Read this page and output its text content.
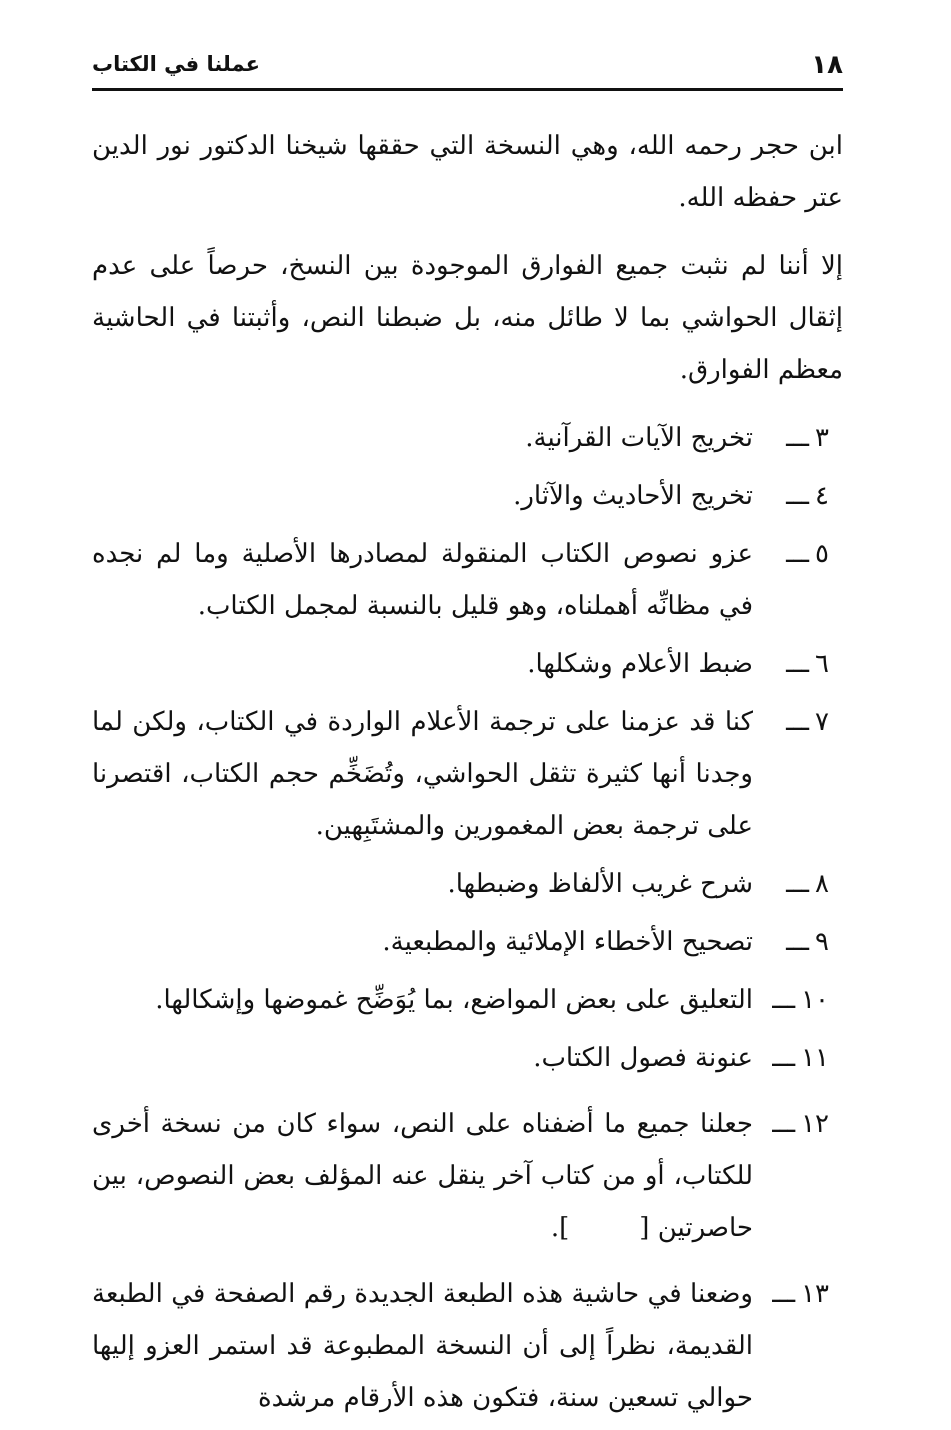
١٨
عملنا في الكتاب

ابن حجر رحمه الله، وهي النسخة التي حققها شيخنا الدكتور نور الدين عتر حفظه الله.

إلا أننا لم نثبت جميع الفوارق الموجودة بين النسخ، حرصاً على عدم إثقال الحواشي بما لا طائل منه، بل ضبطنا النص، وأثبتنا في الحاشية معظم الفوارق.

٣ـــ
تخريج الآيات القرآنية.
٤ـــ
تخريج الأحاديث والآثار.
٥ـــ
عزو نصوص الكتاب المنقولة لمصادرها الأصلية وما لم نجده في مظانِّه أهملناه، وهو قليل بالنسبة لمجمل الكتاب.
٦ـــ
ضبط الأعلام وشكلها.
٧ـــ
كنا قد عزمنا على ترجمة الأعلام الواردة في الكتاب، ولكن لما وجدنا أنها كثيرة تثقل الحواشي، وتُضَخِّم حجم الكتاب، اقتصرنا على ترجمة بعض المغمورين والمشتَبِهين.
٨ـــ
شرح غريب الألفاظ وضبطها.
٩ـــ
تصحيح الأخطاء الإملائية والمطبعية.
١٠ـــ
التعليق على بعض المواضع، بما يُوَضِّح غموضها وإشكالها.
١١ـــ
عنونة فصول الكتاب.
١٢ـــ
جعلنا جميع ما أضفناه على النص، سواء كان من نسخة أخرى للكتاب، أو من كتاب آخر ينقل عنه المؤلف بعض النصوص، بين حاصرتين [].
١٣ـــ
وضعنا في حاشية هذه الطبعة الجديدة رقم الصفحة في الطبعة القديمة، نظراً إلى أن النسخة المطبوعة قد استمر العزو إليها حوالي تسعين سنة، فتكون هذه الأرقام مرشدة
